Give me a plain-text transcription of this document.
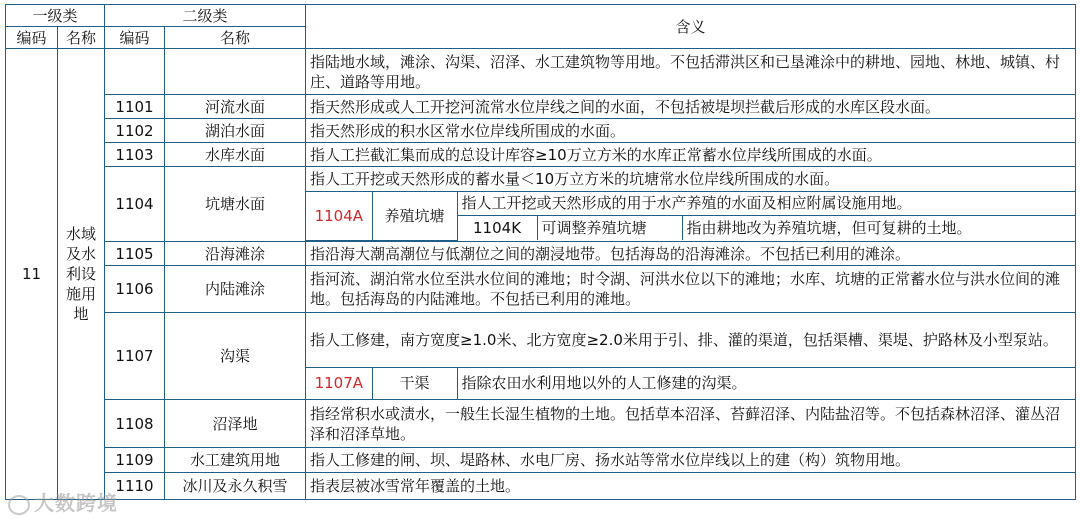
一级类	二级类	含义
编码	名称	编码	名称
11	水域及水利设施用地			指陆地水域，滩涂、沟渠、沼泽、水工建筑物等用地。不包括滞洪区和已垦滩涂中的耕地、园地、林地、城镇、村庄、道路等用地。
1101	河流水面	指天然形成或人工开挖河流常水位岸线之间的水面，不包括被堤坝拦截后形成的水库区段水面。
1102	湖泊水面	指天然形成的积水区常水位岸线所围成的水面。
1103	水库水面	指人工拦截汇集而成的总设计库容≥10万立方米的水库正常蓄水位岸线所围成的水面。
1104	坑塘水面	
指人工开挖或天然形成的蓄水量＜10万立方米的坑塘常水位岸线所围成的水面。
1104A	养殖坑塘	指人工开挖或天然形成的用于水产养殖的水面及相应附属设施用地。
1104K	可调整养殖坑塘	指由耕地改为养殖坑塘，但可复耕的土地。

1105	沿海滩涂	指沿海大潮高潮位与低潮位之间的潮浸地带。包括海岛的沿海滩涂。不包括已利用的滩涂。
1106	内陆滩涂	指河流、湖泊常水位至洪水位间的滩地；时令湖、河洪水位以下的滩地；水库、坑塘的正常蓄水位与洪水位间的滩地。包括海岛的内陆滩地。不包括已利用的滩地。
1107	沟渠	
指人工修建，南方宽度≥1.0米、北方宽度≥2.0米用于引、排、灌的渠道，包括渠槽、渠堤、护路林及小型泵站。
1107A	干渠	指除农田水利用地以外的人工修建的沟渠。

1108	沼泽地	指经常积水或渍水，一般生长湿生植物的土地。包括草本沼泽、苔藓沼泽、内陆盐沼等。不包括森林沼泽、灌丛沼泽和沼泽草地。
1109	水工建筑用地	指人工修建的闸、坝、堤路林、水电厂房、扬水站等常水位岸线以上的建（构）筑物用地。
1110	冰川及永久积雪	指表层被冰雪常年覆盖的土地。
大数跨境
